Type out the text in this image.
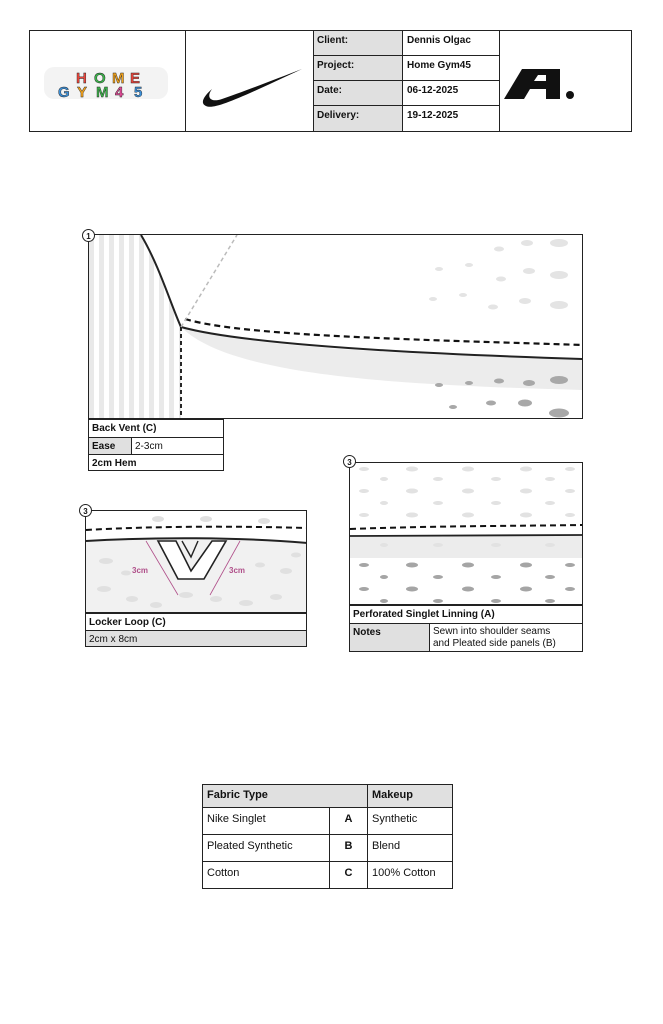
H O M E
G Y M 4 5
Client:	Dennis Olgac
Project:	Home Gym45
Date:	06-12-2025
Delivery:	19-12-2025
1
Back Vent (C)
Ease	2-3cm
2cm Hem
3cm	3cm
3
Locker Loop (C)
2cm x 8cm
3
Perforated Singlet Linning (A)
Notes	Sewn into shoulder seams
and Pleated side panels (B)
Fabric Type	Makeup
Nike Singlet	A	Synthetic
Pleated Synthetic	B	Blend
Cotton	C	100% Cotton
